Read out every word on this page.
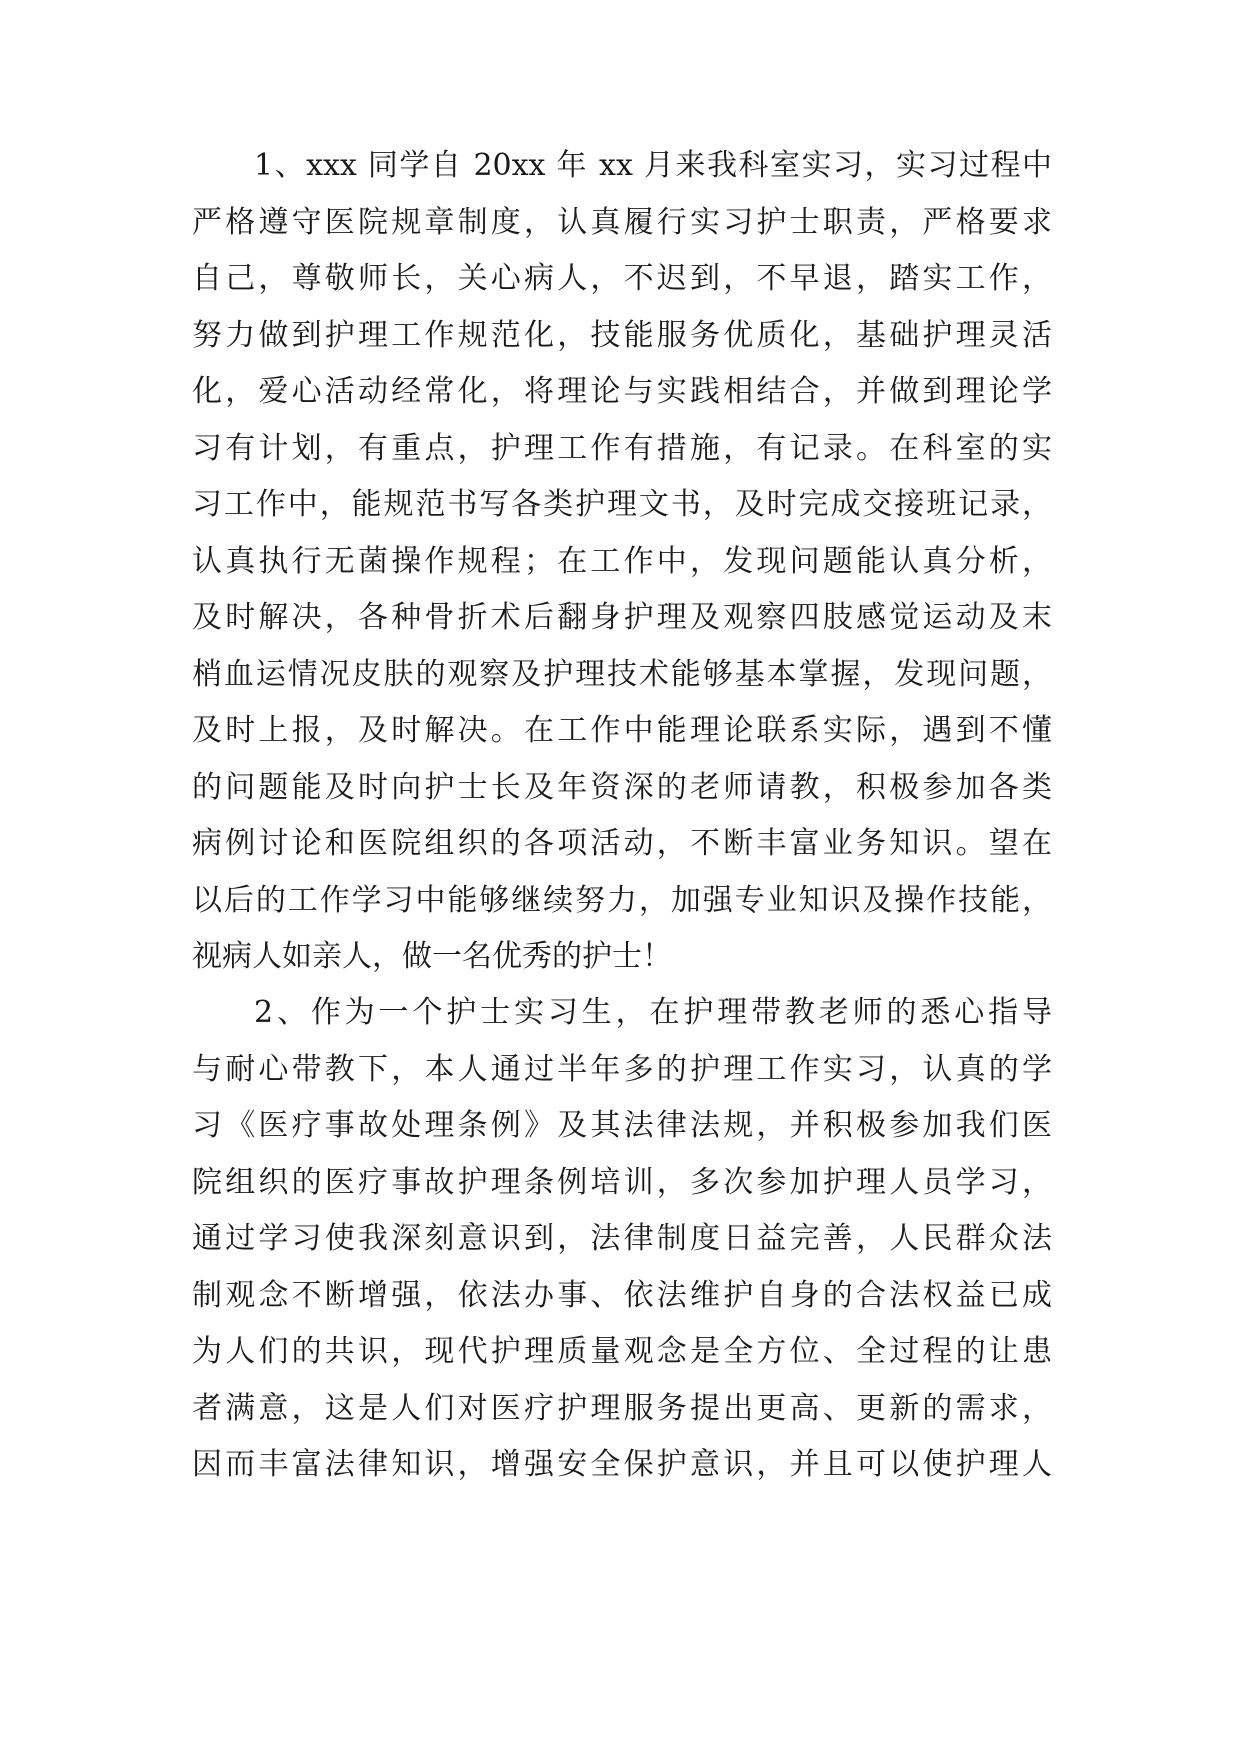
1、xxx 同学自 20xx 年 xx 月来我科室实习，实习过程中
严格遵守医院规章制度，认真履行实习护士职责，严格要求
自己，尊敬师长，关心病人，不迟到，不早退，踏实工作，
努力做到护理工作规范化，技能服务优质化，基础护理灵活
化，爱心活动经常化，将理论与实践相结合，并做到理论学
习有计划，有重点，护理工作有措施，有记录。在科室的实
习工作中，能规范书写各类护理文书，及时完成交接班记录，
认真执行无菌操作规程；在工作中，发现问题能认真分析，
及时解决，各种骨折术后翻身护理及观察四肢感觉运动及末
梢血运情况皮肤的观察及护理技术能够基本掌握，发现问题，
及时上报，及时解决。在工作中能理论联系实际，遇到不懂
的问题能及时向护士长及年资深的老师请教，积极参加各类
病例讨论和医院组织的各项活动，不断丰富业务知识。望在
以后的工作学习中能够继续努力，加强专业知识及操作技能，
视病人如亲人，做一名优秀的护士！
2、作为一个护士实习生，在护理带教老师的悉心指导
与耐心带教下，本人通过半年多的护理工作实习，认真的学
习《医疗事故处理条例》及其法律法规，并积极参加我们医
院组织的医疗事故护理条例培训，多次参加护理人员学习，
通过学习使我深刻意识到，法律制度日益完善，人民群众法
制观念不断增强，依法办事、依法维护自身的合法权益已成
为人们的共识，现代护理质量观念是全方位、全过程的让患
者满意，这是人们对医疗护理服务提出更高、更新的需求，
因而丰富法律知识，增强安全保护意识，并且可以使护理人
